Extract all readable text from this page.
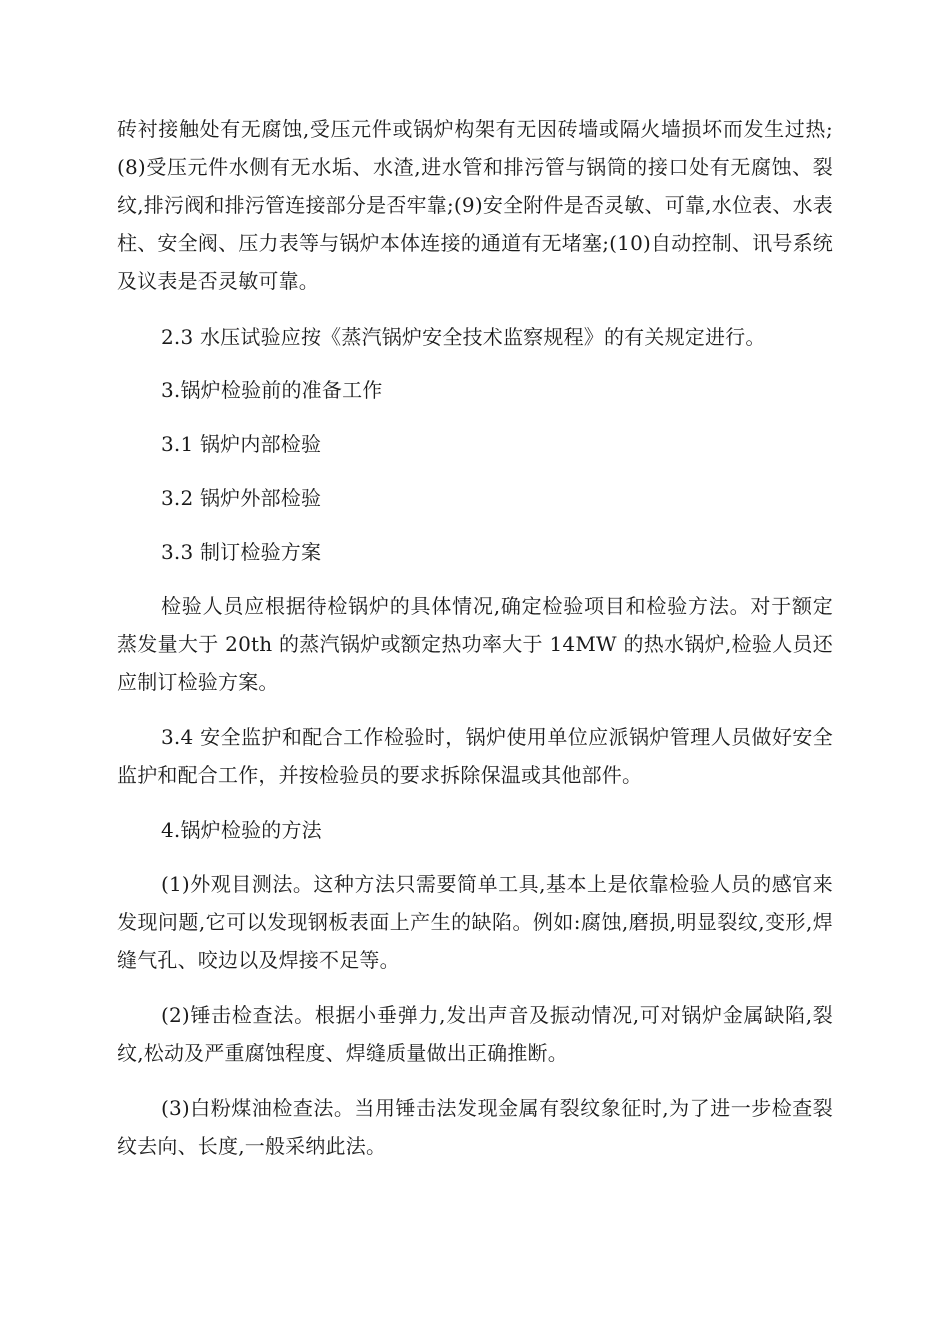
砖衬接触处有无腐蚀,受压元件或锅炉构架有无因砖墙或隔火墙损坏而发生过热;(8)受压元件水侧有无水垢、水渣,进水管和排污管与锅筒的接口处有无腐蚀、裂纹,排污阀和排污管连接部分是否牢靠;(9)安全附件是否灵敏、可靠,水位表、水表柱、安全阀、压力表等与锅炉本体连接的通道有无堵塞;(10)自动控制、讯号系统及议表是否灵敏可靠。

2.3 水压试验应按《蒸汽锅炉安全技术监察规程》的有关规定进行。

3.锅炉检验前的准备工作

3.1 锅炉内部检验

3.2 锅炉外部检验

3.3 制订检验方案

检验人员应根据待检锅炉的具体情况,确定检验项目和检验方法。对于额定蒸发量大于 20th 的蒸汽锅炉或额定热功率大于 14MW 的热水锅炉,检验人员还应制订检验方案。

3.4 安全监护和配合工作检验时，锅炉使用单位应派锅炉管理人员做好安全监护和配合工作，并按检验员的要求拆除保温或其他部件。

4.锅炉检验的方法

(1)外观目测法。这种方法只需要简单工具,基本上是依靠检验人员的感官来发现问题,它可以发现钢板表面上产生的缺陷。例如:腐蚀,磨损,明显裂纹,变形,焊缝气孔、咬边以及焊接不足等。

(2)锤击检查法。根据小垂弹力,发出声音及振动情况,可对锅炉金属缺陷,裂纹,松动及严重腐蚀程度、焊缝质量做出正确推断。

(3)白粉煤油检查法。当用锤击法发现金属有裂纹象征时,为了进一步检查裂纹去向、长度,一般采纳此法。
